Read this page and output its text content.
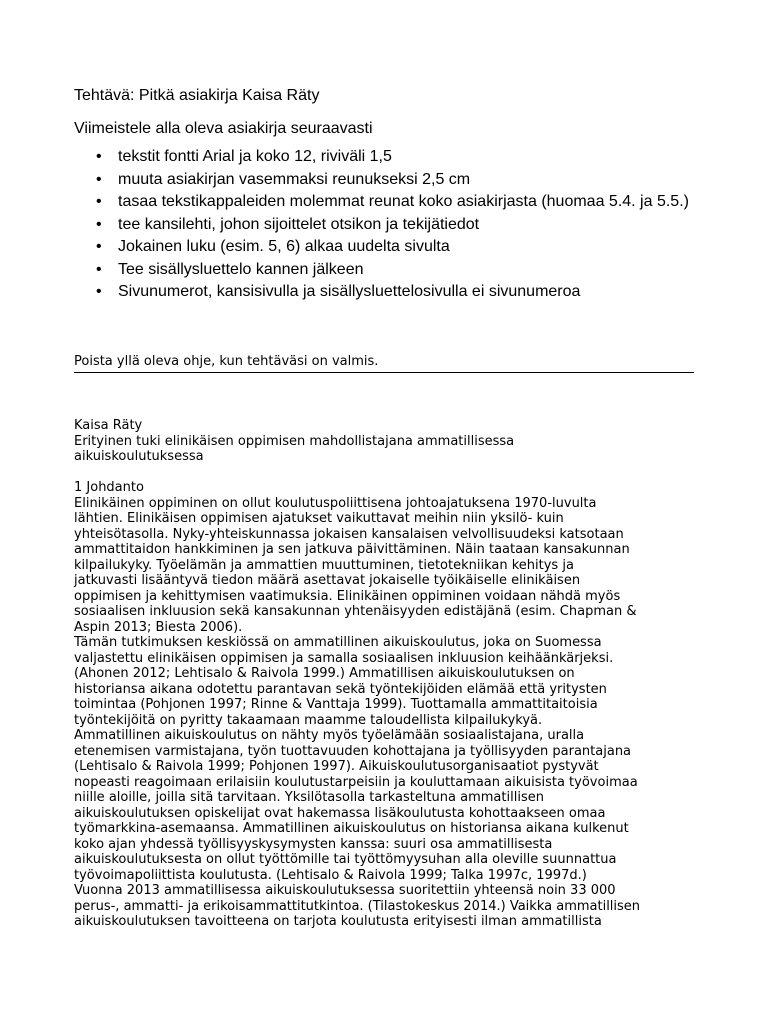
Tehtävä: Pitkä asiakirja Kaisa Räty

Viimeistele alla oleva asiakirja seuraavasti

• tekstit fontti Arial ja koko 12, riviväli 1,5
• muuta asiakirjan vasemmaksi reunukseksi 2,5 cm
• tasaa tekstikappaleiden molemmat reunat koko asiakirjasta (huomaa 5.4. ja 5.5.)
• tee kansilehti, johon sijoittelet otsikon ja tekijätiedot
• Jokainen luku (esim. 5, 6) alkaa uudelta sivulta
• Tee sisällysluettelo kannen jälkeen
• Sivunumerot, kansisivulla ja sisällysluettelosivulla ei sivunumeroa
Poista yllä oleva ohje, kun tehtäväsi on valmis.

Kaisa Räty

Erityinen tuki elinikäisen oppimisen mahdollistajana ammatillisessa
aikuiskoulutuksessa

1 Johdanto

Elinikäinen oppiminen on ollut koulutuspoliittisena johtoajatuksena 1970-luvulta
lähtien. Elinikäisen oppimisen ajatukset vaikuttavat meihin niin yksilö- kuin
yhteisötasolla. Nyky-yhteiskunnassa jokaisen kansalaisen velvollisuudeksi katsotaan
ammattitaidon hankkiminen ja sen jatkuva päivittäminen. Näin taataan kansakunnan
kilpailukyky. Työelämän ja ammattien muuttuminen, tietotekniikan kehitys ja
jatkuvasti lisääntyvä tiedon määrä asettavat jokaiselle työikäiselle elinikäisen
oppimisen ja kehittymisen vaatimuksia. Elinikäinen oppiminen voidaan nähdä myös
sosiaalisen inkluusion sekä kansakunnan yhtenäisyyden edistäjänä (esim. Chapman &
Aspin 2013; Biesta 2006).

Tämän tutkimuksen keskiössä on ammatillinen aikuiskoulutus, joka on Suomessa
valjastettu elinikäisen oppimisen ja samalla sosiaalisen inkluusion keihäänkärjeksi.
(Ahonen 2012; Lehtisalo & Raivola 1999.) Ammatillisen aikuiskoulutuksen on
historiansa aikana odotettu parantavan sekä työntekijöiden elämää että yritysten
toimintaa (Pohjonen 1997; Rinne & Vanttaja 1999). Tuottamalla ammattitaitoisia
työntekijöitä on pyritty takaamaan maamme taloudellista kilpailukykyä.
Ammatillinen aikuiskoulutus on nähty myös työelämään sosiaalistajana, uralla
etenemisen varmistajana, työn tuottavuuden kohottajana ja työllisyyden parantajana
(Lehtisalo & Raivola 1999; Pohjonen 1997). Aikuiskoulutusorganisaatiot pystyvät
nopeasti reagoimaan erilaisiin koulutustarpeisiin ja kouluttamaan aikuisista työvoimaa
niille aloille, joilla sitä tarvitaan. Yksilötasolla tarkasteltuna ammatillisen
aikuiskoulutuksen opiskelijat ovat hakemassa lisäkoulutusta kohottaakseen omaa
työmarkkina-asemaansa. Ammatillinen aikuiskoulutus on historiansa aikana kulkenut
koko ajan yhdessä työllisyyskysymysten kanssa: suuri osa ammatillisesta
aikuiskoulutuksesta on ollut työttömille tai työttömyysuhan alla oleville suunnattua
työvoimapoliittista koulutusta. (Lehtisalo & Raivola 1999; Talka 1997c, 1997d.)
Vuonna 2013 ammatillisessa aikuiskoulutuksessa suoritettiin yhteensä noin 33 000
perus-, ammatti- ja erikoisammattitutkintoa. (Tilastokeskus 2014.) Vaikka ammatillisen
aikuiskoulutuksen tavoitteena on tarjota koulutusta erityisesti ilman ammatillista
